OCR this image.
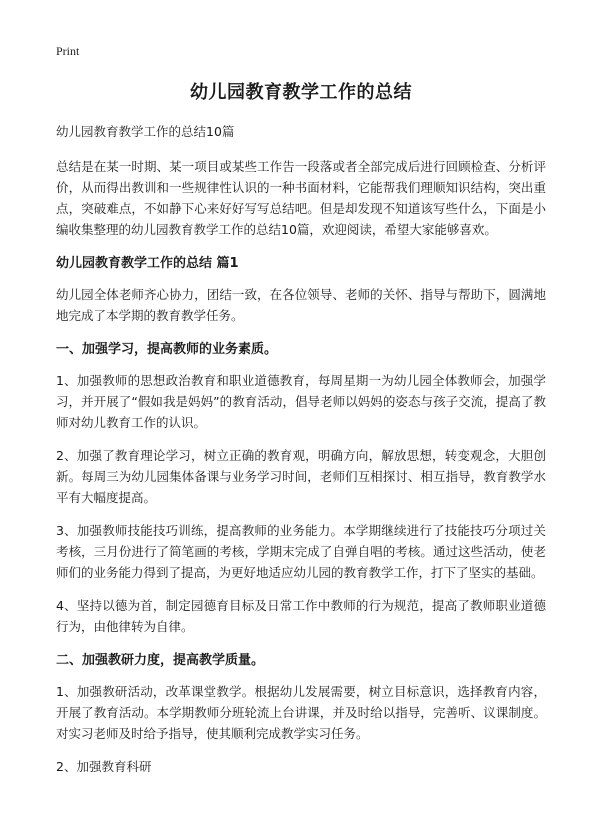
Print
幼儿园教育教学工作的总结
幼儿园教育教学工作的总结10篇

总结是在某一时期、某一项目或某些工作告一段落或者全部完成后进行回顾检查、分析评价，从而得出教训和一些规律性认识的一种书面材料，它能帮我们理顺知识结构，突出重点，突破难点，不如静下心来好好写写总结吧。但是却发现不知道该写些什么，下面是小编收集整理的幼儿园教育教学工作的总结10篇，欢迎阅读，希望大家能够喜欢。

幼儿园教育教学工作的总结 篇1

幼儿园全体老师齐心协力，团结一致，在各位领导、老师的关怀、指导与帮助下，圆满地地完成了本学期的教育教学任务。

一、加强学习，提高教师的业务素质。

1、加强教师的思想政治教育和职业道德教育，每周星期一为幼儿园全体教师会，加强学习，并开展了“假如我是妈妈”的教育活动，倡导老师以妈妈的姿态与孩子交流，提高了教师对幼儿教育工作的认识。

2、加强了教育理论学习，树立正确的教育观，明确方向，解放思想，转变观念，大胆创新。每周三为幼儿园集体备课与业务学习时间，老师们互相探讨、相互指导，教育教学水平有大幅度提高。

3、加强教师技能技巧训练，提高教师的业务能力。本学期继续进行了技能技巧分项过关考核，三月份进行了简笔画的考核，学期末完成了自弹自唱的考核。通过这些活动，使老师们的业务能力得到了提高，为更好地适应幼儿园的教育教学工作，打下了坚实的基础。

4、坚持以德为首，制定园德育目标及日常工作中教师的行为规范，提高了教师职业道德行为，由他律转为自律。

二、加强教研力度，提高教学质量。

1、加强教研活动，改革课堂教学。根据幼儿发展需要，树立目标意识，选择教育内容，开展了教育活动。本学期教师分班轮流上台讲课，并及时给以指导，完善听、议课制度。对实习老师及时给予指导，使其顺利完成教学实习任务。

2、加强教育科研
